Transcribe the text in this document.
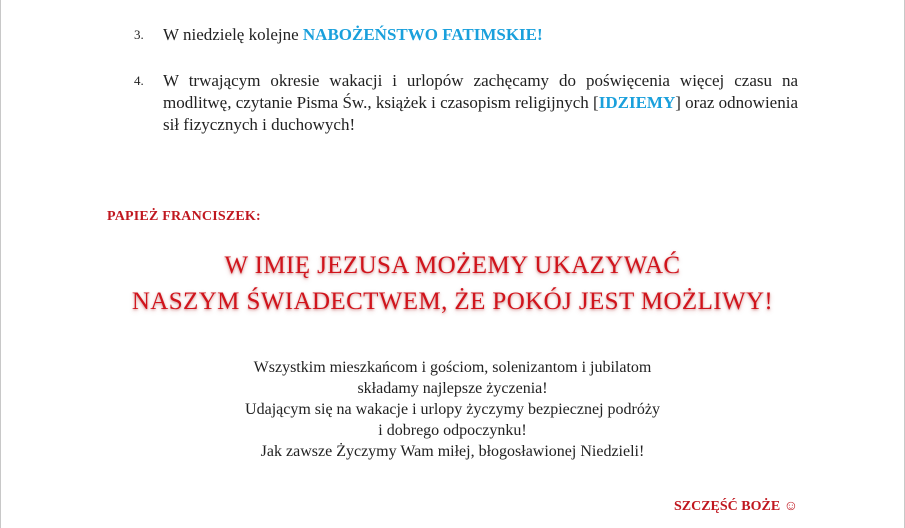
3. W niedzielę kolejne NABOŻEŃSTWO FATIMSKIE!
4. W trwającym okresie wakacji i urlopów zachęcamy do poświęcenia więcej czasu na modlitwę, czytanie Pisma Św., książek i czasopism religijnych [IDZIEMY] oraz odnowienia sił fizycznych i duchowych!
PAPIEŻ FRANCISZEK:
W IMIĘ JEZUSA MOŻEMY UKAZYWAĆ
NASZYM ŚWIADECTWEM, ŻE POKÓJ JEST MOŻLIWY!
Wszystkim mieszkańcom i gościom, solenizantom i jubilatom
składamy najlepsze życzenia!
Udającym się na wakacje i urlopy życzymy bezpiecznej podróży
i dobrego odpoczynku!
Jak zawsze Życzymy Wam miłej, błogosławionej Niedzieli!
SZCZĘŚĆ BOŻE ☺
